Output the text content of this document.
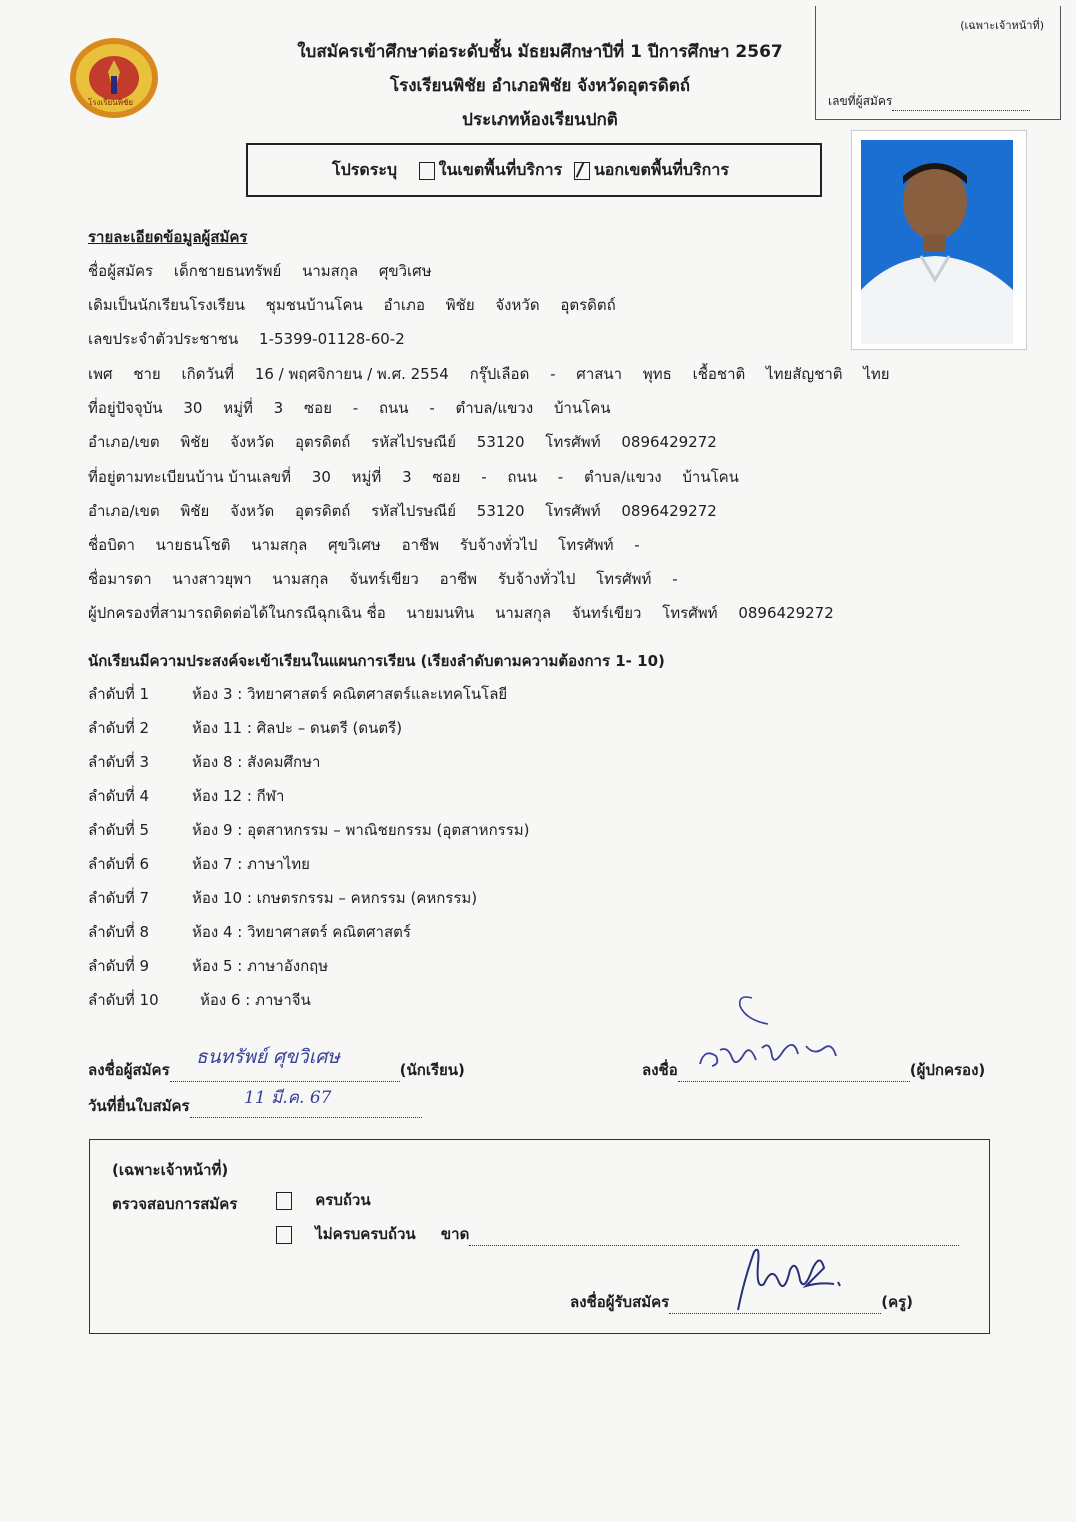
โรงเรียนพิชัย
ใบสมัครเข้าศึกษาต่อระดับชั้น มัธยมศึกษาปีที่ 1 ปีการศึกษา 2567
โรงเรียนพิชัย อำเภอพิชัย จังหวัดอุตรดิตถ์
ประเภทห้องเรียนปกติ
(เฉพาะเจ้าหน้าที่)
เลขที่ผู้สมัคร
โปรดระบุ	ในเขตพื้นที่บริการ นอกเขตพื้นที่บริการ
รายละเอียดข้อมูลผู้สมัคร
ชื่อผู้สมัคร เด็กชายธนทรัพย์ นามสกุล ศุขวิเศษ
เดิมเป็นนักเรียนโรงเรียน ชุมชนบ้านโคน อำเภอ พิชัย จังหวัด อุตรดิตถ์
เลขประจำตัวประชาชน 1-5399-01128-60-2
เพศ ชาย เกิดวันที่ 16 / พฤศจิกายน / พ.ศ. 2554 กรุ๊ปเลือด - ศาสนา พุทธ เชื้อชาติ ไทยสัญชาติ ไทย
ที่อยู่ปัจจุบัน 30 หมู่ที่ 3 ซอย - ถนน - ตำบล/แขวง บ้านโคน
อำเภอ/เขต พิชัย จังหวัด อุตรดิตถ์ รหัสไปรษณีย์ 53120 โทรศัพท์ 0896429272
ที่อยู่ตามทะเบียนบ้าน บ้านเลขที่ 30 หมู่ที่ 3 ซอย - ถนน - ตำบล/แขวง บ้านโคน
อำเภอ/เขต พิชัย จังหวัด อุตรดิตถ์ รหัสไปรษณีย์ 53120 โทรศัพท์ 0896429272
ชื่อบิดา นายธนโชติ นามสกุล ศุขวิเศษ อาชีพ รับจ้างทั่วไป โทรศัพท์ -
ชื่อมารดา นางสาวยุพา นามสกุล จันทร์เขียว อาชีพ รับจ้างทั่วไป โทรศัพท์ -
ผู้ปกครองที่สามารถติดต่อได้ในกรณีฉุกเฉิน ชื่อ นายมนทิน นามสกุล จันทร์เขียว โทรศัพท์ 0896429272
นักเรียนมีความประสงค์จะเข้าเรียนในแผนการเรียน (เรียงลำดับตามความต้องการ 1- 10)
ลำดับที่ 1	ห้อง 3 : วิทยาศาสตร์ คณิตศาสตร์และเทคโนโลยี
ลำดับที่ 2	ห้อง 11 : ศิลปะ – ดนตรี (ดนตรี)
ลำดับที่ 3	ห้อง 8 : สังคมศึกษา
ลำดับที่ 4	ห้อง 12 : กีฬา
ลำดับที่ 5	ห้อง 9 : อุตสาหกรรม – พาณิชยกรรม (อุตสาหกรรม)
ลำดับที่ 6	ห้อง 7 : ภาษาไทย
ลำดับที่ 7	ห้อง 10 : เกษตรกรรม – คหกรรม (คหกรรม)
ลำดับที่ 8	ห้อง 4 : วิทยาศาสตร์ คณิตศาสตร์
ลำดับที่ 9	ห้อง 5 : ภาษาอังกฤษ
ลำดับที่ 10	ห้อง 6 : ภาษาจีน
ลงชื่อผู้สมัคร	(นักเรียน)
ธนทรัพย์ ศุขวิเศษ
ลงชื่อ	(ผู้ปกครอง)
วันที่ยื่นใบสมัคร	11 มี.ค. 67
(เฉพาะเจ้าหน้าที่)
ตรวจสอบการสมัคร	ครบถ้วน
ไม่ครบครบถ้วน ขาด
ลงชื่อผู้รับสมัคร	(ครู)
